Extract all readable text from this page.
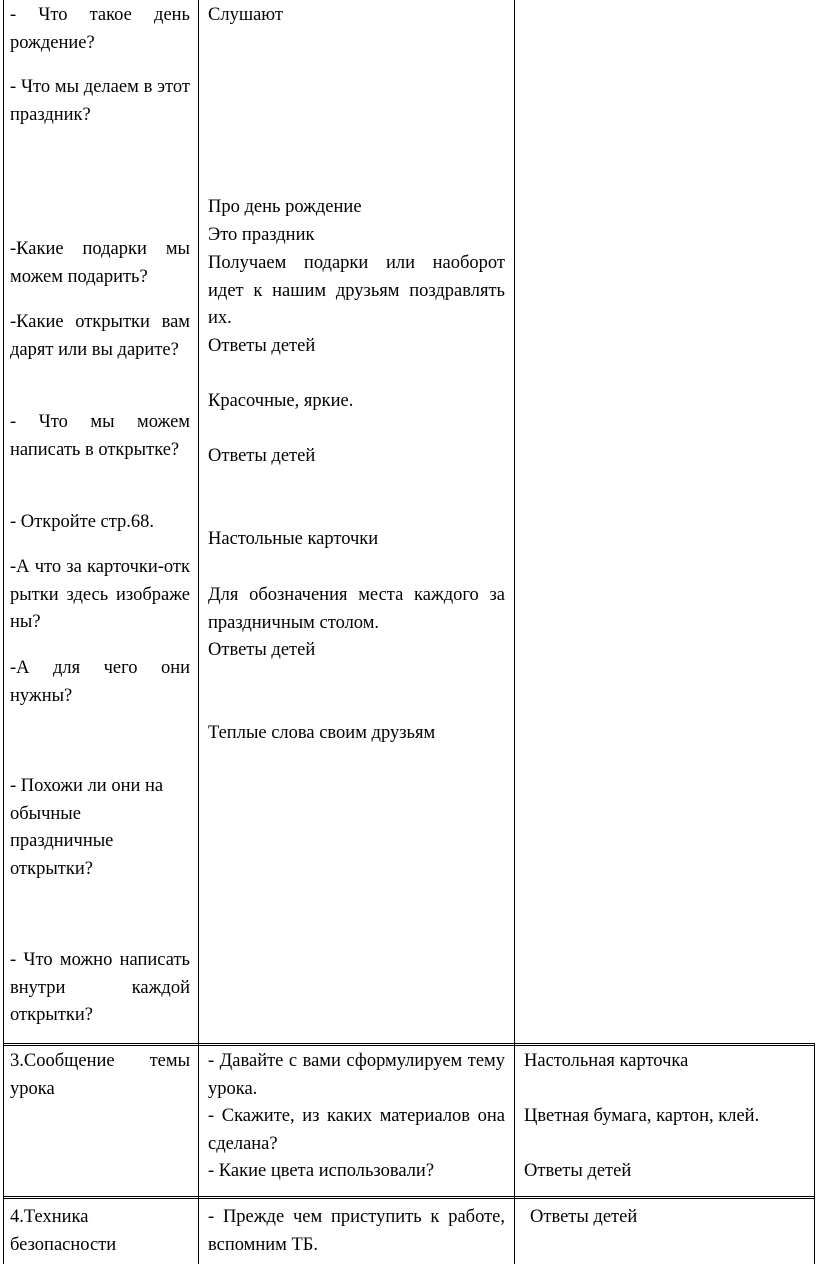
- Что такое день рождение?
- Что мы делаем в этот праздник?
-Какие подарки мы можем подарить?
-Какие открытки вам дарят или вы дарите?
- Что мы можем написать в открытке?
- Откройте стр.68.
-А что за карточки-открытки здесь изображены?
-А для чего они нужны?
- Похожи ли они на обычные праздничные открытки?
- Что можно написать внутри каждой открытки?
Слушают
Про день рождение
Это праздник
Получаем подарки или наоборот идет к нашим друзьям поздравлять их.
Ответы детей
Красочные, яркие.
Ответы детей
Настольные карточки
Для обозначения места каждого за праздничным столом.
Ответы детей
Теплые слова своим друзьям
3.Сообщение темы урока
- Давайте с вами сформулируем тему урока.
- Скажите, из каких материалов она сделана?
- Какие цвета использовали?
Настольная карточка
Цветная бумага, картон, клей.
Ответы детей
4.Техника безопасности
- Прежде чем приступить к работе, вспомним ТБ.
Ответы детей
